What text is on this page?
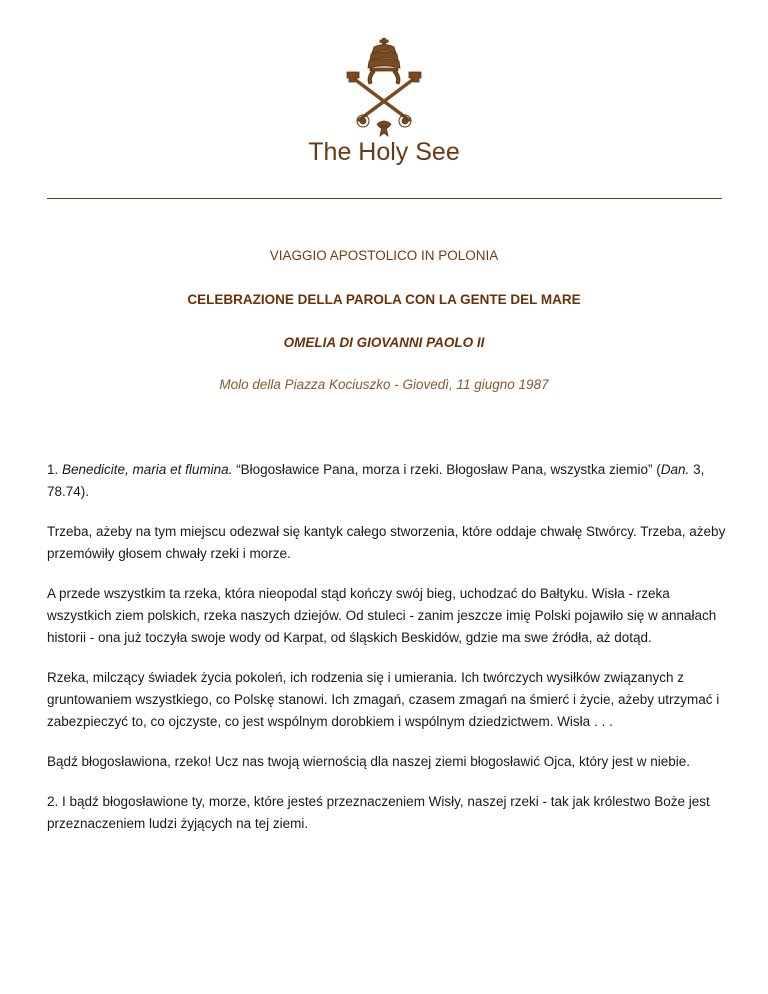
The Holy See
VIAGGIO APOSTOLICO IN POLONIA
CELEBRAZIONE DELLA PAROLA CON LA GENTE DEL MARE
OMELIA DI GIOVANNI PAOLO II
Molo della Piazza Kociuszko - Giovedì, 11 giugno 1987

1. Benedicite, maria et flumina. “Błogosławice Pana, morza i rzeki. Błogosław Pana, wszystka ziemio” (Dan. 3, 78.74).

Trzeba, ażeby na tym miejscu odezwał się kantyk całego stworzenia, które oddaje chwałę Stwórcy. Trzeba, ażeby przemówiły głosem chwały rzeki i morze.

A przede wszystkim ta rzeka, która nieopodal stąd kończy swój bieg, uchodzać do Bałtyku. Wisła - rzeka wszystkich ziem polskich, rzeka naszych dziejów. Od stuleci - zanim jeszcze imię Polski pojawiło się w annałach historii - ona już toczyła swoje wody od Karpat, od śląskich Beskidów, gdzie ma swe źródła, aż dotąd.

Rzeka, milczący świadek życia pokoleń, ich rodzenia się i umierania. Ich twórczych wysiłków związanych z gruntowaniem wszystkiego, co Polskę stanowi. Ich zmagań, czasem zmagań na śmierć i życie, ażeby utrzymać i zabezpieczyć to, co ojczyste, co jest wspólnym dorobkiem i wspólnym dziedzictwem. Wisła . . .

Bądź błogosławiona, rzeko! Ucz nas twoją wiernością dla naszej ziemi błogosławić Ojca, który jest w niebie.

2. I bądź błogosławione ty, morze, które jesteś przeznaczeniem Wisły, naszej rzeki - tak jak królestwo Boże jest przeznaczeniem ludzi żyjących na tej ziemi.
